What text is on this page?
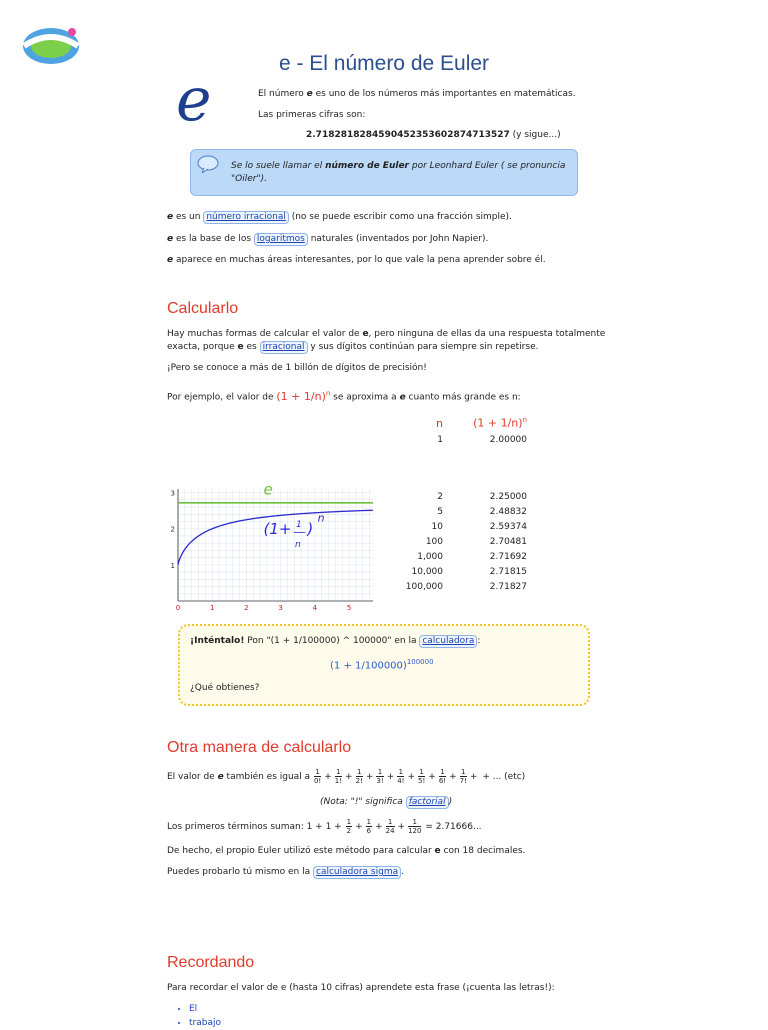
e - El número de Euler
e	El número e es uno de los números más importantes en matemáticas.
Las primeras cifras son:
2.7182818284590452353602874713527 (y sigue...)
Se lo suele llamar el número de Euler por Leonhard Euler ( se pronuncia "Oiler").
e es un número irracional (no se puede escribir como una fracción simple).
e es la base de los logaritmos naturales (inventados por John Napier).
e aparece en muchas áreas interesantes, por lo que vale la pena aprender sobre él.
Calcularlo
Hay muchas formas de calcular el valor de e, pero ninguna de ellas da una respuesta totalmente
exacta, porque e es irracional y sus dígitos continúan para siempre sin repetirse.
¡Pero se conoce a más de 1 billón de dígitos de precisión!
Por ejemplo, el valor de $(1 + 1/n)^n$ se aproxima a e cuanto más grande es n:
n	$(1 + 1/n)^n$
1	2.00000
2	2.25000
5	2.48832
10	2.59374
100	2.70481
1,000	2.71692
10,000	2.71815
100,000	2.71827
0	1	2	3	4	5
1
2
3	e
(1+ 1
n
)
n
¡Inténtalo! Pon "(1 + 1/100000) ^ 100000" en la calculadora :
$(1 + 1/100000)^{100000}$
¿Qué obtienes?
Otra manera de calcularlo
El valor de e también es igual a $\frac{1}{0!} + \frac{1}{1!} + \frac{1}{2!} + \frac{1}{3!} + \frac{1}{4!} + \frac{1}{5!} + \frac{1}{6!} + \frac{1}{7!}$ + + ... (etc)
(Nota: "!" significa factorial )
Los primeros términos suman: $1 + 1 + \frac{1}{2} + \frac{1}{6} + \frac{1}{24} + \frac{1}{120} = 2.71666$...
De hecho, el propio Euler utilizó este método para calcular e con 18 decimales.
Puedes probarlo tú mismo en la calculadora sigma .
Recordando
Para recordar el valor de e (hasta 10 cifras) aprendete esta frase (¡cuenta las letras!):
• El
• trabajo
